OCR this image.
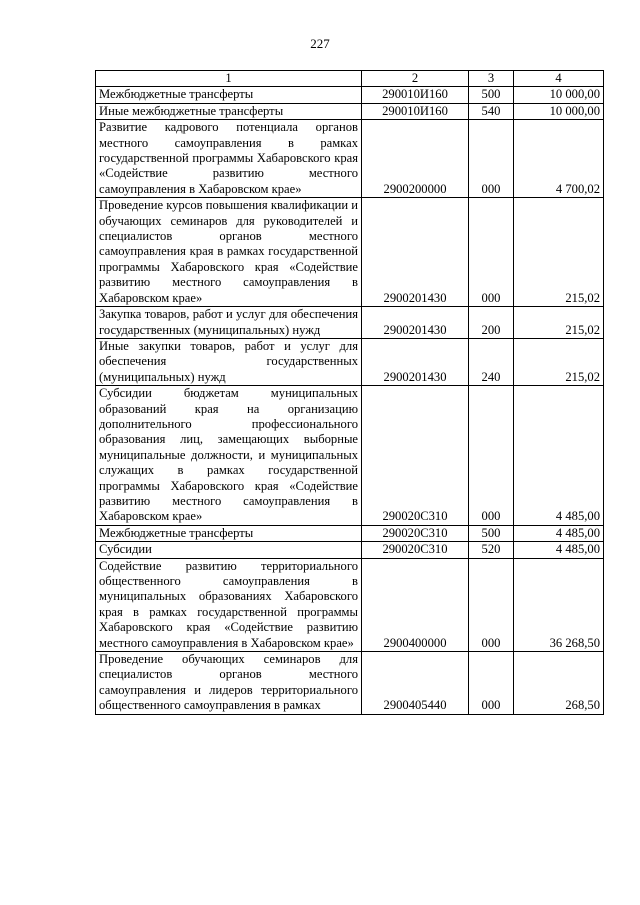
227
1	2	3	4
Межбюджетные трансферты	290010И160	500	10 000,00
Иные межбюджетные трансферты	290010И160	540	10 000,00
Развитие кадрового потенциала органов местного самоуправления в рамках государственной программы Хабаровского края «Содействие развитию местного самоуправления в Хабаровском крае»	2900200000	000	4 700,02
Проведение курсов повышения квалификации и обучающих семинаров для руководителей и специалистов органов местного самоуправления края в рамках государственной программы Хабаровского края «Содействие развитию местного самоуправления в Хабаровском крае»	2900201430	000	215,02
Закупка товаров, работ и услуг для обеспечения государственных (муниципальных) нужд	2900201430	200	215,02
Иные закупки товаров, работ и услуг для обеспечения государственных (муниципальных) нужд	2900201430	240	215,02
Субсидии бюджетам муниципальных образований края на организацию дополнительного профессионального образования лиц, замещающих выборные муниципальные должности, и муниципальных служащих в рамках государственной программы Хабаровского края «Содействие развитию местного самоуправления в Хабаровском крае»	290020С310	000	4 485,00
Межбюджетные трансферты	290020С310	500	4 485,00
Субсидии	290020С310	520	4 485,00
Содействие развитию территориального общественного самоуправления в муниципальных образованиях Хабаровского края в рамках государственной программы Хабаровского края «Содействие развитию местного самоуправления в Хабаровском крае»	2900400000	000	36 268,50
Проведение обучающих семинаров для специалистов органов местного самоуправления и лидеров территориального общественного самоуправления в рамках	2900405440	000	268,50
